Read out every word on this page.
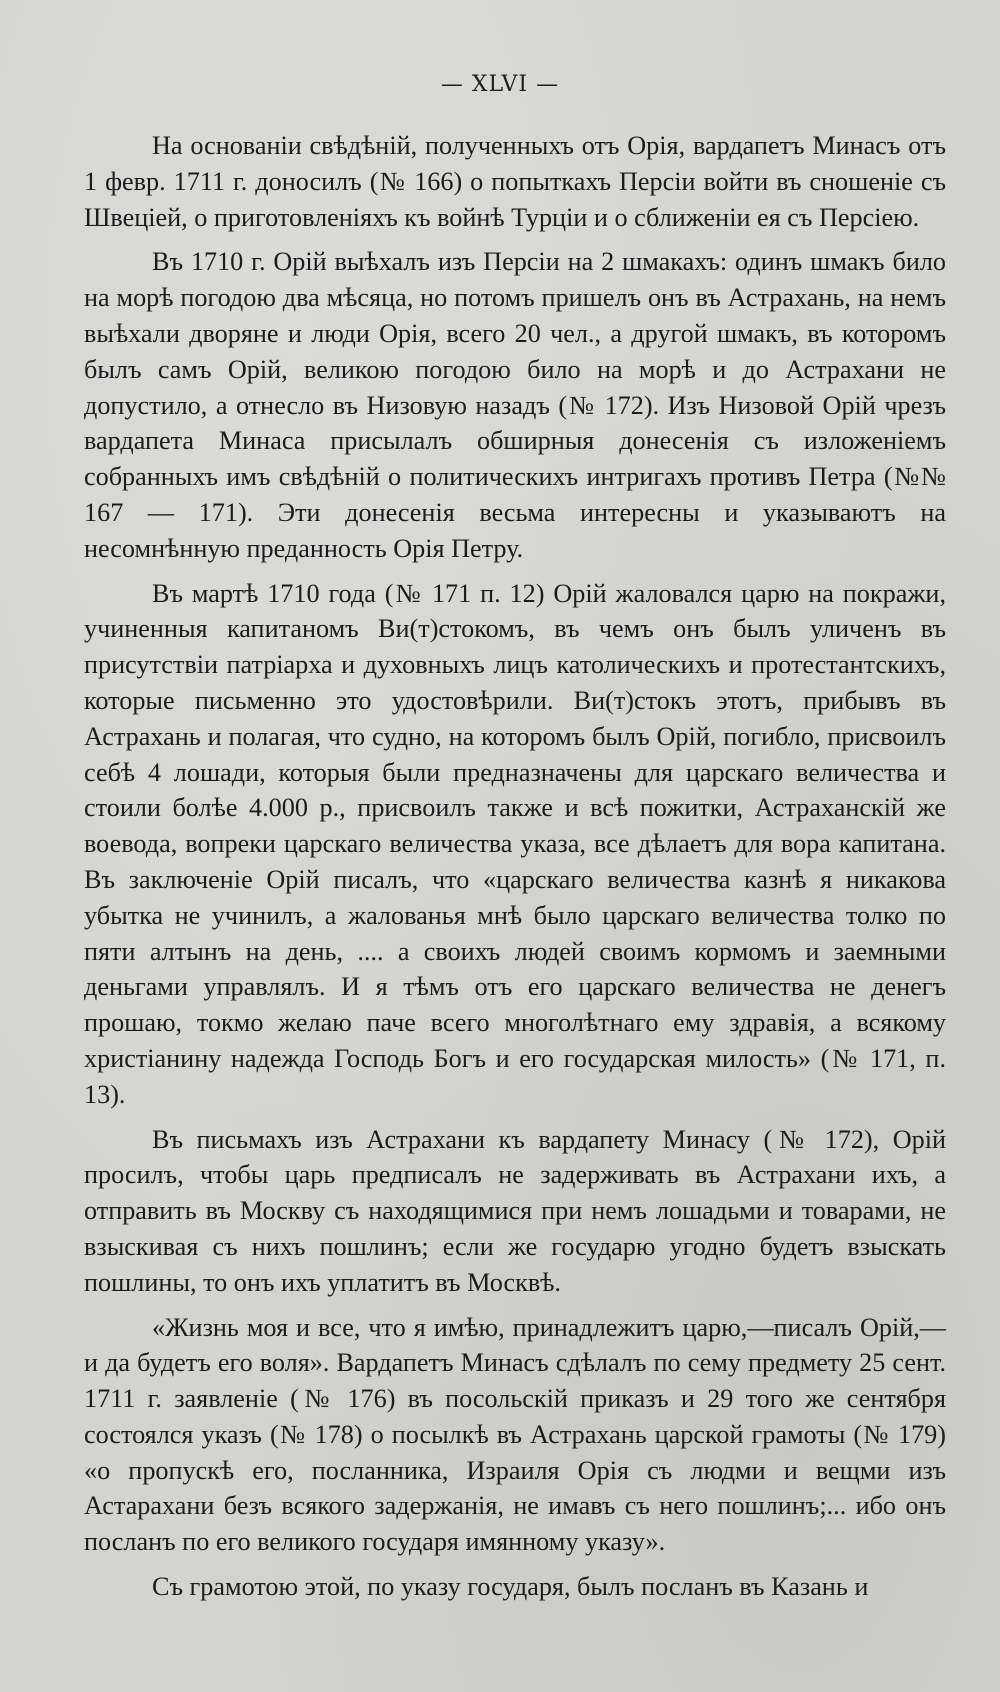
— XLVI —

На основаніи свѣдѣній, полученныхъ отъ Орія, вардапетъ Минасъ отъ 1 февр. 1711 г. доносилъ (№ 166) о попыткахъ Персіи войти въ сношеніе съ Швеціей, о приготовленіяхъ къ войнѣ Турціи и о сближеніи ея съ Персіею.

Въ 1710 г. Орій выѣхалъ изъ Персіи на 2 шмакахъ: одинъ шмакъ било на морѣ погодою два мѣсяца, но потомъ пришелъ онъ въ Астрахань, на немъ выѣхали дворяне и люди Орія, всего 20 чел., а другой шмакъ, въ которомъ былъ самъ Орій, великою погодою било на морѣ и до Астрахани не допустило, а отнесло въ Низовую назадъ (№ 172). Изъ Низовой Орій чрезъ вардапета Минаса присылалъ обширныя донесенія съ изложеніемъ собранныхъ имъ свѣдѣній о политическихъ интригахъ противъ Петра (№№ 167 — 171). Эти донесенія весьма интересны и указываютъ на несомнѣнную преданность Орія Петру.

Въ мартѣ 1710 года (№ 171 п. 12) Орій жаловался царю на покражи, учиненныя капитаномъ Ви(т)стокомъ, въ чемъ онъ былъ уличенъ въ присутствіи патріарха и духовныхъ лицъ католическихъ и протестантскихъ, которые письменно это удостовѣрили. Ви(т)стокъ этотъ, прибывъ въ Астрахань и полагая, что судно, на которомъ былъ Орій, погибло, присвоилъ себѣ 4 лошади, которыя были предназначены для царскаго величества и стоили болѣе 4.000 р., присвоилъ также и всѣ пожитки, Астраханскій же воевода, вопреки царскаго величества указа, все дѣлаетъ для вора капитана. Въ заключеніе Орій писалъ, что «царскаго величества казнѣ я никакова убытка не учинилъ, а жалованья мнѣ было царскаго величества толко по пяти алтынъ на день, .... а своихъ людей своимъ кормомъ и заемными деньгами управлялъ. И я тѣмъ отъ его царскаго величества не денегъ прошаю, токмо желаю паче всего многолѣтнаго ему здравія, а всякому христіанину надежда Господь Богъ и его государская милость» (№ 171, п. 13).

Въ письмахъ изъ Астрахани къ вардапету Минасу (№ 172), Орій просилъ, чтобы царь предписалъ не задерживать въ Астрахани ихъ, а отправить въ Москву съ находящимися при немъ лошадьми и товарами, не взыскивая съ нихъ пошлинъ; если же государю угодно будетъ взыскать пошлины, то онъ ихъ уплатитъ въ Москвѣ.

«Жизнь моя и все, что я имѣю, принадлежитъ царю,—писалъ Орій,—и да будетъ его воля». Вардапетъ Минасъ сдѣлалъ по сему предмету 25 сент. 1711 г. заявленіе (№ 176) въ посольскій приказъ и 29 того же сентября состоялся указъ (№ 178) о посылкѣ въ Астрахань царской грамоты (№ 179) «о пропускѣ его, посланника, Израиля Орія съ людми и вещми изъ Астарахани безъ всякого задержанія, не имавъ съ него пошлинъ;... ибо онъ посланъ по его великого государя имянному указу».

Съ грамотою этой, по указу государя, былъ посланъ въ Казань и
